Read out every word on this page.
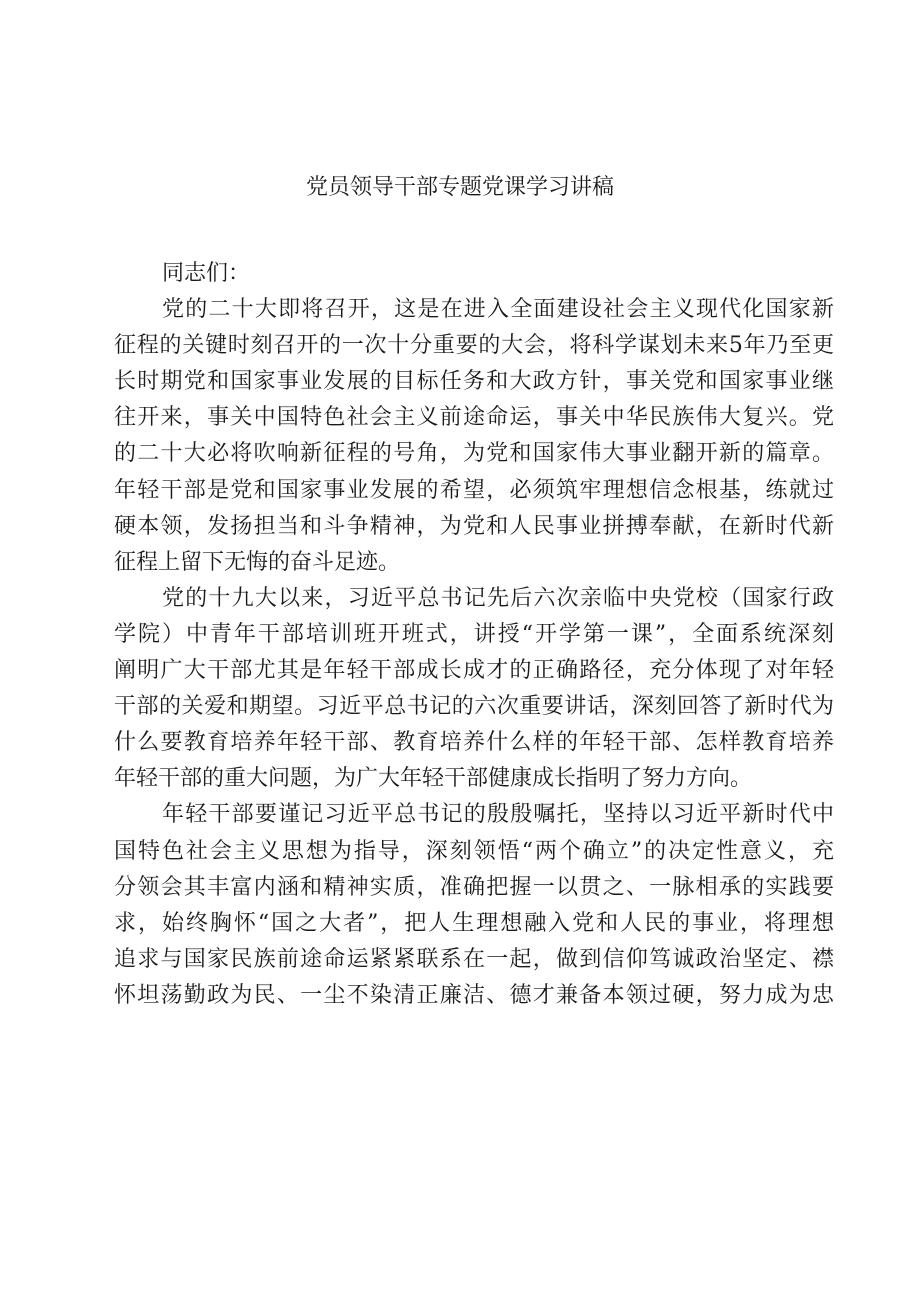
党员领导干部专题党课学习讲稿
同志们：
党的二十大即将召开，这是在进入全面建设社会主义现代化国家新
征程的关键时刻召开的一次十分重要的大会，将科学谋划未来5年乃至更
长时期党和国家事业发展的目标任务和大政方针，事关党和国家事业继
往开来，事关中国特色社会主义前途命运，事关中华民族伟大复兴。党
的二十大必将吹响新征程的号角，为党和国家伟大事业翻开新的篇章。
年轻干部是党和国家事业发展的希望，必须筑牢理想信念根基，练就过
硬本领，发扬担当和斗争精神，为党和人民事业拼搏奉献，在新时代新
征程上留下无悔的奋斗足迹。
党的十九大以来，习近平总书记先后六次亲临中央党校（国家行政
学院）中青年干部培训班开班式，讲授“开学第一课”，全面系统深刻
阐明广大干部尤其是年轻干部成长成才的正确路径，充分体现了对年轻
干部的关爱和期望。习近平总书记的六次重要讲话，深刻回答了新时代为
什么要教育培养年轻干部、教育培养什么样的年轻干部、怎样教育培养
年轻干部的重大问题，为广大年轻干部健康成长指明了努力方向。
年轻干部要谨记习近平总书记的殷殷嘱托，坚持以习近平新时代中
国特色社会主义思想为指导，深刻领悟“两个确立”的决定性意义，充
分领会其丰富内涵和精神实质，准确把握一以贯之、一脉相承的实践要
求，始终胸怀“国之大者”，把人生理想融入党和人民的事业，将理想
追求与国家民族前途命运紧紧联系在一起，做到信仰笃诚政治坚定、襟
怀坦荡勤政为民、一尘不染清正廉洁、德才兼备本领过硬，努力成为忠
